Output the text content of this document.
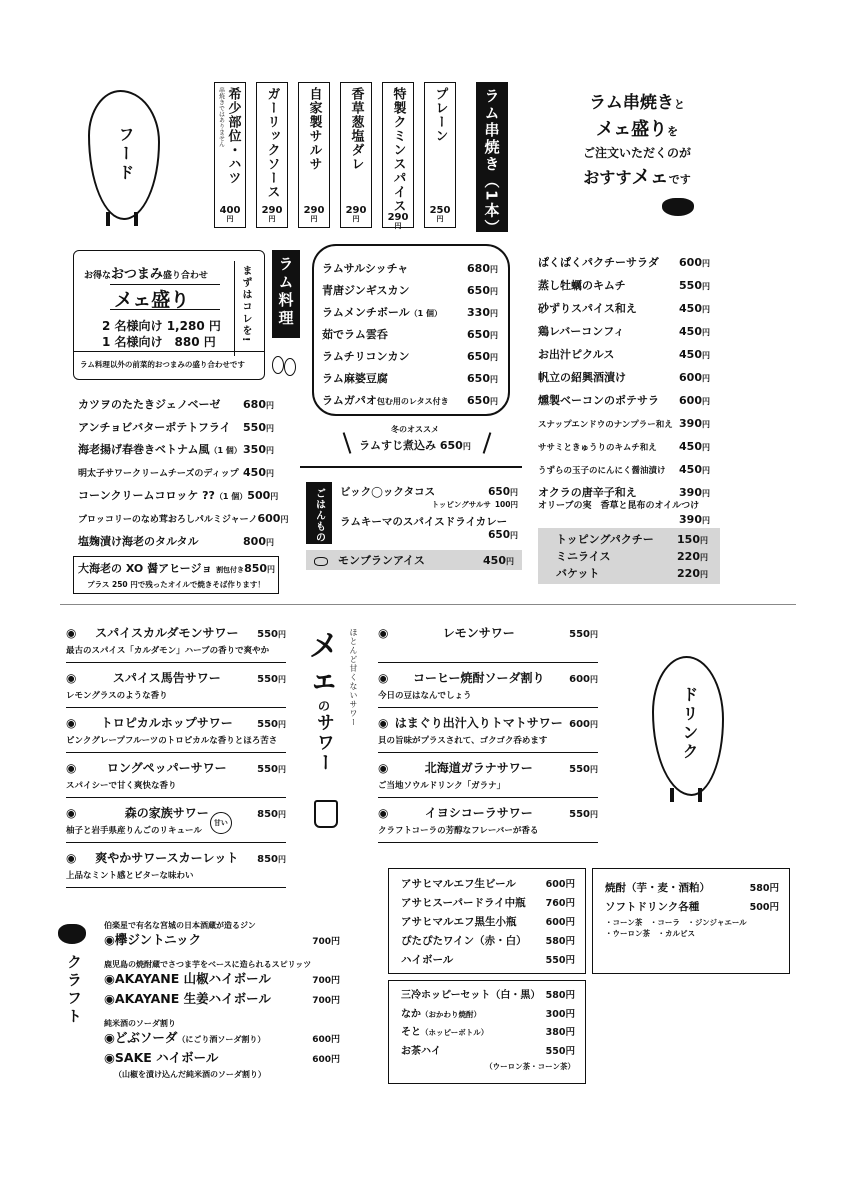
フード	希少部位・ハツ
串焼きではありません
400
円
ガーリックソース
290
円
自家製サルサ
290
円
香草葱塩ダレ
290
円
特製クミンスパイス
290
円
プレーン
250
円	ラム串焼き（1本）	ラム串焼きと
メェ盛りを
ご注文いただくのが
おすすメェです
お得なおつまみ盛り合わせ
メェ盛り
2 名様向け 1,280 円
1 名様向け　880 円 まずはコレを!
ラム料理以外の前菜的おつまみの盛り合わせです
ラム料理	ラムサルシッチャ	680円
青唐ジンギスカン	650円
ラムメンチボール（1 個） 330円
茹でラム雲呑	650円
ラムチリコンカン	650円
ラム麻婆豆腐	650円
ラムガパオ包む用のレタス付き 650円
冬のオススメ
ラムすじ煮込み 650円
カツヲのたたきジェノベーゼ 680円
アンチョビバターポテトフライ 550円
海老揚げ春巻きベトナム風（1 個） 350円
明太子サワークリームチーズのディップ 450円
コーンクリームコロッケ ??（1 個） 500円
ブロッコリーのなめ茸おろしパルミジャーノ 600円
塩麹漬け海老のタルタル	800円
大海老の XO 醤アヒージョ 割包付き 850円
プラス 250 円で残ったオイルで焼きそば作ります！
ごはんもの ビック◯ックタコス	650円
トッピングサルサ 100円
ラムキーマのスパイスドライカレー
650円
モンブランアイス	450円
ぱくぱくパクチーサラダ 600円
蒸し牡蠣のキムチ	550円
砂ずりスパイス和え	450円
鶏レバーコンフィ	450円
お出汁ピクルス	450円
帆立の紹興酒漬け	600円
燻製ベーコンのポテサラ 600円
スナップエンドウのナンプラー和え 390円
ササミときゅうりのキムチ和え 450円
うずらの玉子のにんにく醤油漬け 450円
オクラの唐辛子和え	390円
オリーブの実　香草と昆布のオイルつけ
390円
トッピングパクチー 150円
ミニライス	220円
バケット	220円
◉ スパイスカルダモンサワー 550円
最古のスパイス「カルダモン」ハーブの香りで爽やか
◉	スパイス馬告サワー	550円
レモングラスのような香り
◉ トロピカルホップサワー 550円
ピンクグレープフルーツのトロピカルな香りとほろ苦さ
◉	ロングペッパーサワー	550円
スパイシーで甘く爽快な香り
◉	森の家族サワー	850円
柚子と岩手県産りんごのリキュール
甘い
◉ 爽やかサワースカーレット 850円
上品なミント感とビターな味わい
メェ
の
サワー
ほとんど甘くないサワー ◉	レモンサワー	550円
◉ コーヒー焼酎ソーダ割り 600円
今日の豆はなんでしょう
◉ はまぐり出汁入りトマトサワー 600円
貝の旨味がプラスされて、ゴクゴク呑めます
◉	北海道ガラナサワー	550円
ご当地ソウルドリンク「ガラナ」
◉	イヨシコーラサワー	550円
クラフトコーラの芳醇なフレーバーが香る
ドリンク
クラフト
伯楽星で有名な宮城の日本酒蔵が造るジン
◉欅ジントニック	700円
鹿児島の焼酎蔵でさつま芋をベースに造られるスピリッツ
◉AKAYANE 山椒ハイボール	700円
◉AKAYANE 生姜ハイボール	700円
純米酒のソーダ割り
◉どぶソーダ（にごり酒ソーダ割り）	600円
◉SAKE ハイボール	600円
（山椒を漬け込んだ純米酒のソーダ割り）
アサヒマルエフ生ビール	600円
アサヒスーパードライ中瓶 760円
アサヒマルエフ黒生小瓶	600円
ぴたぴたワイン（赤・白） 580円
ハイボール	550円
焼酎（芋・麦・酒粕）	580円
ソフトドリンク各種	500円
・コーン茶　・コーラ　・ジンジャエール
・ウーロン茶　・カルピス
三冷ホッピーセット（白・黒） 580円
なか（おかわり焼酎）	300円
そと（ホッピーボトル）	380円
お茶ハイ	550円
（ウーロン茶・コーン茶）
